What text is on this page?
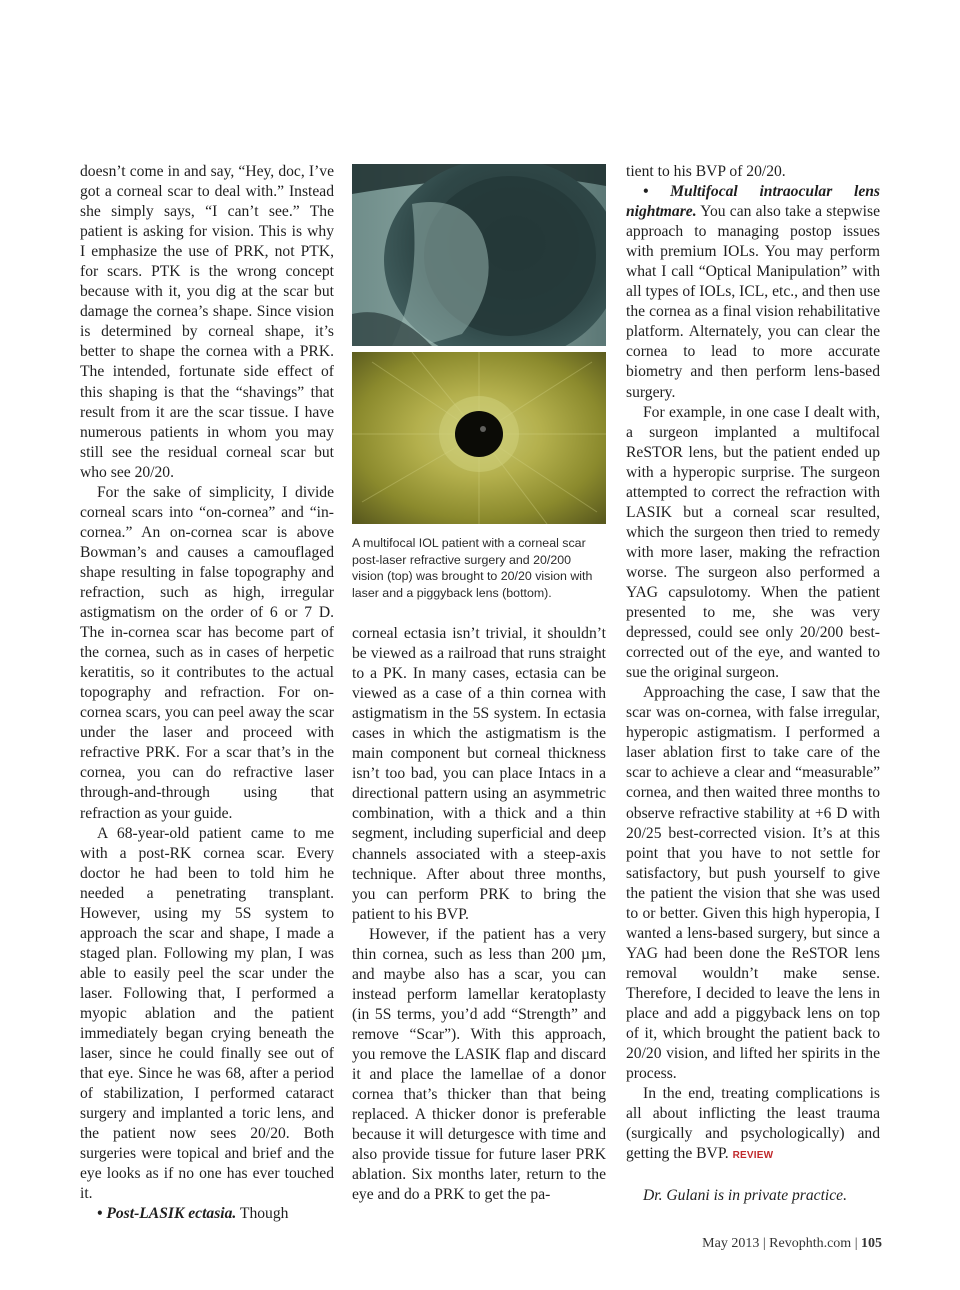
doesn’t come in and say, “Hey, doc, I’ve got a corneal scar to deal with.” Instead she simply says, “I can’t see.” The patient is asking for vision. This is why I emphasize the use of PRK, not PTK, for scars. PTK is the wrong concept because with it, you dig at the scar but damage the cornea’s shape. Since vision is determined by corneal shape, it’s better to shape the cornea with a PRK. The intended, fortunate side effect of this shaping is that the “shavings” that result from it are the scar tissue. I have numerous patients in whom you may still see the residual corneal scar but who see 20/20.

For the sake of simplicity, I divide corneal scars into “on-cornea” and “in-cornea.” An on-cornea scar is above Bowman’s and causes a camouflaged shape resulting in false topography and refraction, such as high, irregular astigmatism on the order of 6 or 7 D. The in-cornea scar has become part of the cornea, such as in cases of herpetic keratitis, so it contributes to the actual topography and refraction. For on-cornea scars, you can peel away the scar under the laser and proceed with refractive PRK. For a scar that’s in the cornea, you can do refractive laser through-and-through using that refraction as your guide.

A 68-year-old patient came to me with a post-RK cornea scar. Every doctor he had been to told him he needed a penetrating transplant. However, using my 5S system to approach the scar and shape, I made a staged plan. Following my plan, I was able to easily peel the scar under the laser. Following that, I performed a myopic ablation and the patient immediately began crying beneath the laser, since he could finally see out of that eye. Since he was 68, after a period of stabilization, I performed cataract surgery and implanted a toric lens, and the patient now sees 20/20. Both surgeries were topical and brief and the eye looks as if no one has ever touched it.

• Post-LASIK ectasia. Though

A multifocal IOL patient with a corneal scar post-laser refractive surgery and 20/200 vision (top) was brought to 20/20 vision with laser and a piggyback lens (bottom).

corneal ectasia isn’t trivial, it shouldn’t be viewed as a railroad that runs straight to a PK. In many cases, ectasia can be viewed as a case of a thin cornea with astigmatism in the 5S system. In ectasia cases in which the astigmatism is the main component but corneal thickness isn’t too bad, you can place Intacs in a directional pattern using an asymmetric combination, with a thick and a thin segment, including superficial and deep channels associated with a steep-axis technique. After about three months, you can perform PRK to bring the patient to his BVP.

However, if the patient has a very thin cornea, such as less than 200 µm, and maybe also has a scar, you can instead perform lamellar keratoplasty (in 5S terms, you’d add “Strength” and remove “Scar”). With this approach, you remove the LASIK flap and discard it and place the lamellae of a donor cornea that’s thicker than that being replaced. A thicker donor is preferable because it will deturgesce with time and also provide tissue for future laser PRK ablation. Six months later, return to the eye and do a PRK to get the pa-

tient to his BVP of 20/20.

• Multifocal intraocular lens nightmare. You can also take a stepwise approach to managing postop issues with premium IOLs. You may perform what I call “Optical Manipulation” with all types of IOLs, ICL, etc., and then use the cornea as a final vision rehabilitative platform. Alternately, you can clear the cornea to lead to more accurate biometry and then perform lens-based surgery.

For example, in one case I dealt with, a surgeon implanted a multifocal ReSTOR lens, but the patient ended up with a hyperopic surprise. The surgeon attempted to correct the refraction with LASIK but a corneal scar resulted, which the surgeon then tried to remedy with more laser, making the refraction worse. The surgeon also performed a YAG capsulotomy. When the patient presented to me, she was very depressed, could see only 20/200 best-corrected out of the eye, and wanted to sue the original surgeon.

Approaching the case, I saw that the scar was on-cornea, with false irregular, hyperopic astigmatism. I performed a laser ablation first to take care of the scar to achieve a clear and “measurable” cornea, and then waited three months to observe refractive stability at +6 D with 20/25 best-corrected vision. It’s at this point that you have to not settle for satisfactory, but push yourself to give the patient the vision that she was used to or better. Given this high hyperopia, I wanted a lens-based surgery, but since a YAG had been done the ReSTOR lens removal wouldn’t make sense. Therefore, I decided to leave the lens in place and add a piggyback lens on top of it, which brought the patient back to 20/20 vision, and lifted her spirits in the process.

In the end, treating complications is all about inflicting the least trauma (surgically and psychologically) and getting the BVP. REVIEW

Dr. Gulani is in private practice.

May 2013 | Revophth.com | 105
